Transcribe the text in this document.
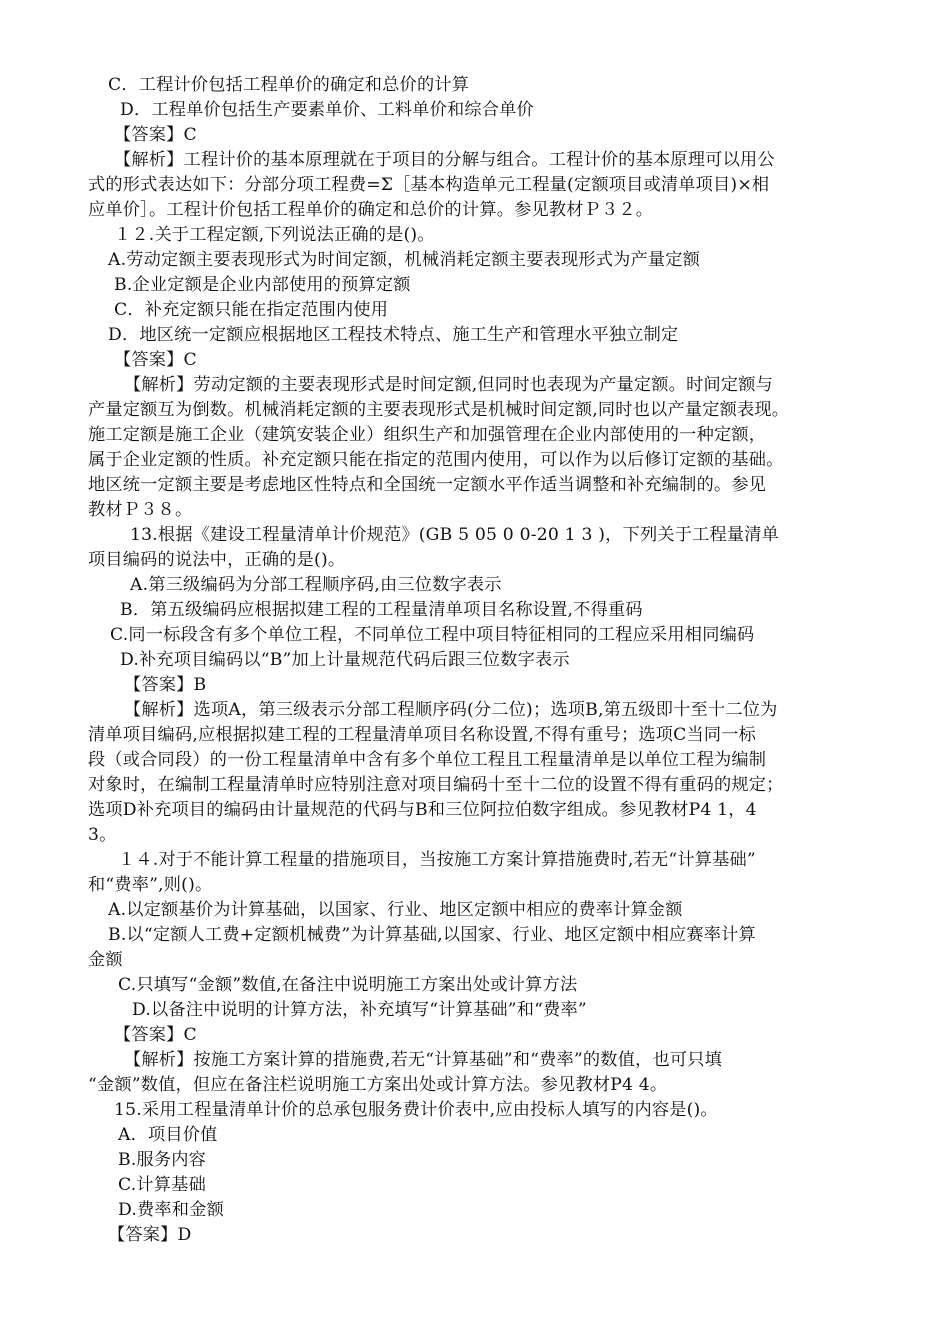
C．工程计价包括工程单价的确定和总价的计算
D．工程单价包括生产要素单价、工料单价和综合单价
【答案】C
【解析】工程计价的基本原理就在于项目的分解与组合。工程计价的基本原理可以用公
式的形式表达如下：分部分项工程费=Σ［基本构造单元工程量(定额项目或清单项目)×相
应单价］。工程计价包括工程单价的确定和总价的计算。参见教材Ｐ３２。
１２.关于工程定额,下列说法正确的是()。
A.劳动定额主要表现形式为时间定额，机械消耗定额主要表现形式为产量定额
B.企业定额是企业内部使用的预算定额
C．补充定额只能在指定范围内使用
D．地区统一定额应根据地区工程技术特点、施工生产和管理水平独立制定
【答案】C
【解析】劳动定额的主要表现形式是时间定额,但同时也表现为产量定额。时间定额与
产量定额互为倒数。机械消耗定额的主要表现形式是机械时间定额,同时也以产量定额表现。
施工定额是施工企业（建筑安装企业）组织生产和加强管理在企业内部使用的一种定额，
属于企业定额的性质。补充定额只能在指定的范围内使用，可以作为以后修订定额的基础。
地区统一定额主要是考虑地区性特点和全国统一定额水平作适当调整和补充编制的。参见
教材Ｐ３８。
13.根据《建设工程量清单计价规范》(GB 5 05 0 0-20 1 3 )，下列关于工程量清单
项目编码的说法中，正确的是()。
A.第三级编码为分部工程顺序码,由三位数字表示
B．第五级编码应根据拟建工程的工程量清单项目名称设置,不得重码
C.同一标段含有多个单位工程，不同单位工程中项目特征相同的工程应采用相同编码
D.补充项目编码以“B”加上计量规范代码后跟三位数字表示
【答案】B
【解析】选项A，第三级表示分部工程顺序码(分二位)；选项B,第五级即十至十二位为
清单项目编码,应根据拟建工程的工程量清单项目名称设置,不得有重号；选项C当同一标
段（或合同段）的一份工程量清单中含有多个单位工程且工程量清单是以单位工程为编制
对象时，在编制工程量清单时应特别注意对项目编码十至十二位的设置不得有重码的规定；
选项D补充项目的编码由计量规范的代码与B和三位阿拉伯数字组成。参见教材P4 1，4
3。
１４.对于不能计算工程量的措施项目，当按施工方案计算措施费时,若无“计算基础”
和“费率”,则()。
A.以定额基价为计算基础，以国家、行业、地区定额中相应的费率计算金额
B.以“定额人工费+定额机械费”为计算基础,以国家、行业、地区定额中相应赛率计算
金额
C.只填写“金额”数值,在备注中说明施工方案出处或计算方法
D.以备注中说明的计算方法，补充填写“计算基础”和“费率”
【答案】C
【解析】按施工方案计算的措施费,若无“计算基础”和“费率”的数值，也可只填
“金额”数值，但应在备注栏说明施工方案出处或计算方法。参见教材P4 4。
15.采用工程量清单计价的总承包服务费计价表中,应由投标人填写的内容是()。
A．项目价值
B.服务内容
C.计算基础
D.费率和金额
【答案】D
